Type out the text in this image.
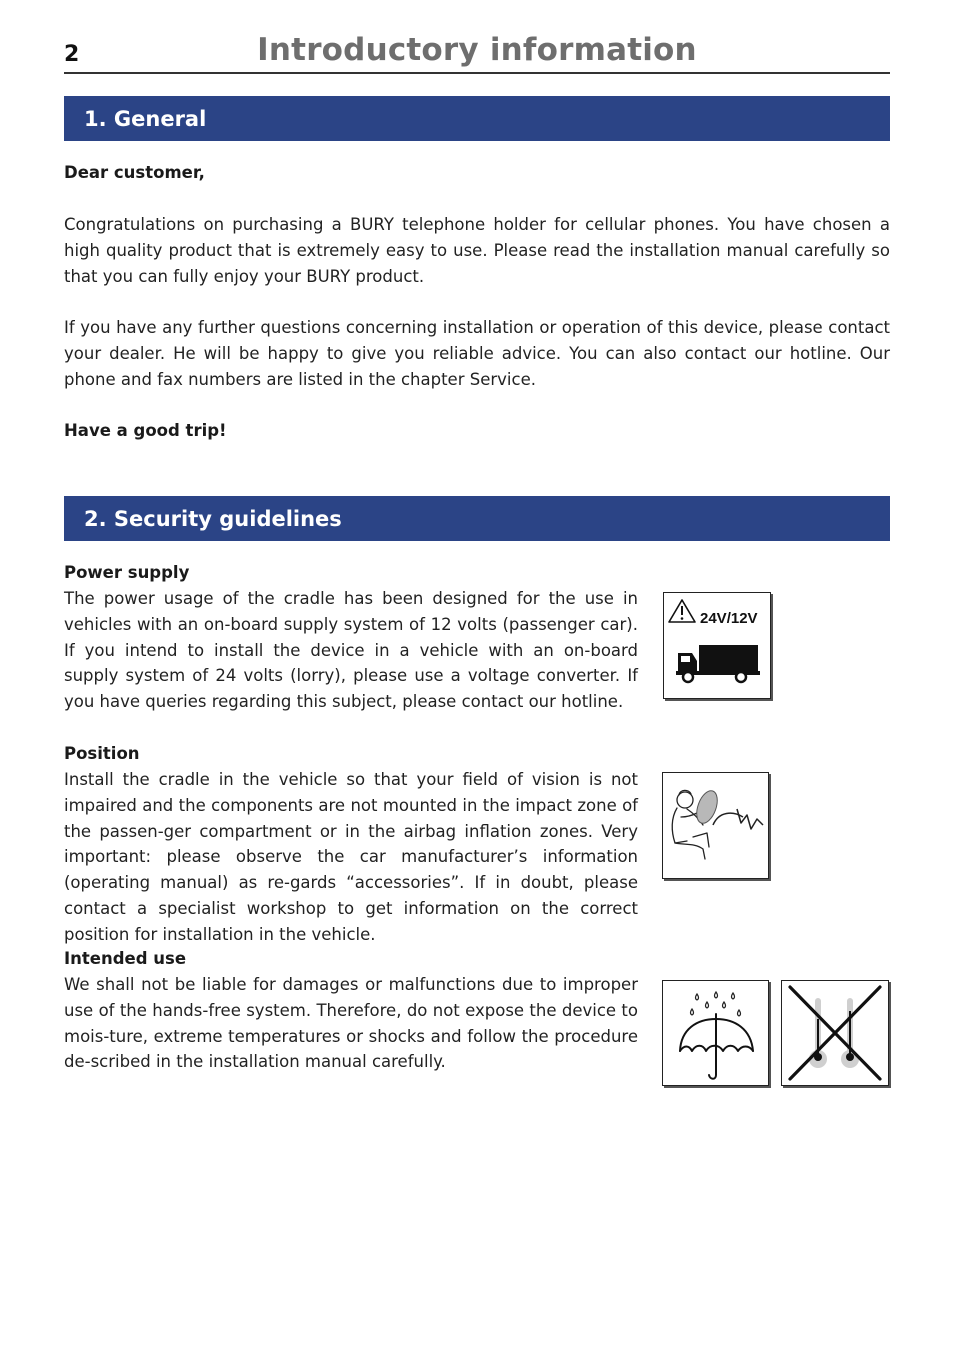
2	Introductory information
1. General
Dear customer,
Congratulations on purchasing a BURY telephone holder for cellular phones. You have chosen a high quality product that is extremely easy to use. Please read the installation manual carefully so that you can fully enjoy your BURY product.
If you have any further questions concerning installation or operation of this device, please contact your dealer. He will be happy to give you reliable advice. You can also contact our hotline. Our phone and fax numbers are listed in the chapter Service.
Have a good trip!
2. Security guidelines
Power supply
The power usage of the cradle has been designed for the use in vehicles with an on-board supply system of 12 volts (passenger car). If you intend to install the device in a vehicle with an on-board supply system of 24 volts (lorry), please use a voltage converter. If you have queries regarding this subject, please contact our hotline.
24V/12V
Position
Install the cradle in the vehicle so that your field of vision is not impaired and the components are not mounted in the impact zone of the passen-ger compartment or in the airbag inflation zones. Very important: please observe the car manufacturer’s information (operating manual) as re-gards “accessories”. If in doubt, please contact a specialist workshop to get information on the correct position for installation in the vehicle.
Intended use
We shall not be liable for damages or malfunctions due to improper use of the hands-free system. Therefore, do not expose the device to mois-ture, extreme temperatures or shocks and follow the procedure de-scribed in the installation manual carefully.
